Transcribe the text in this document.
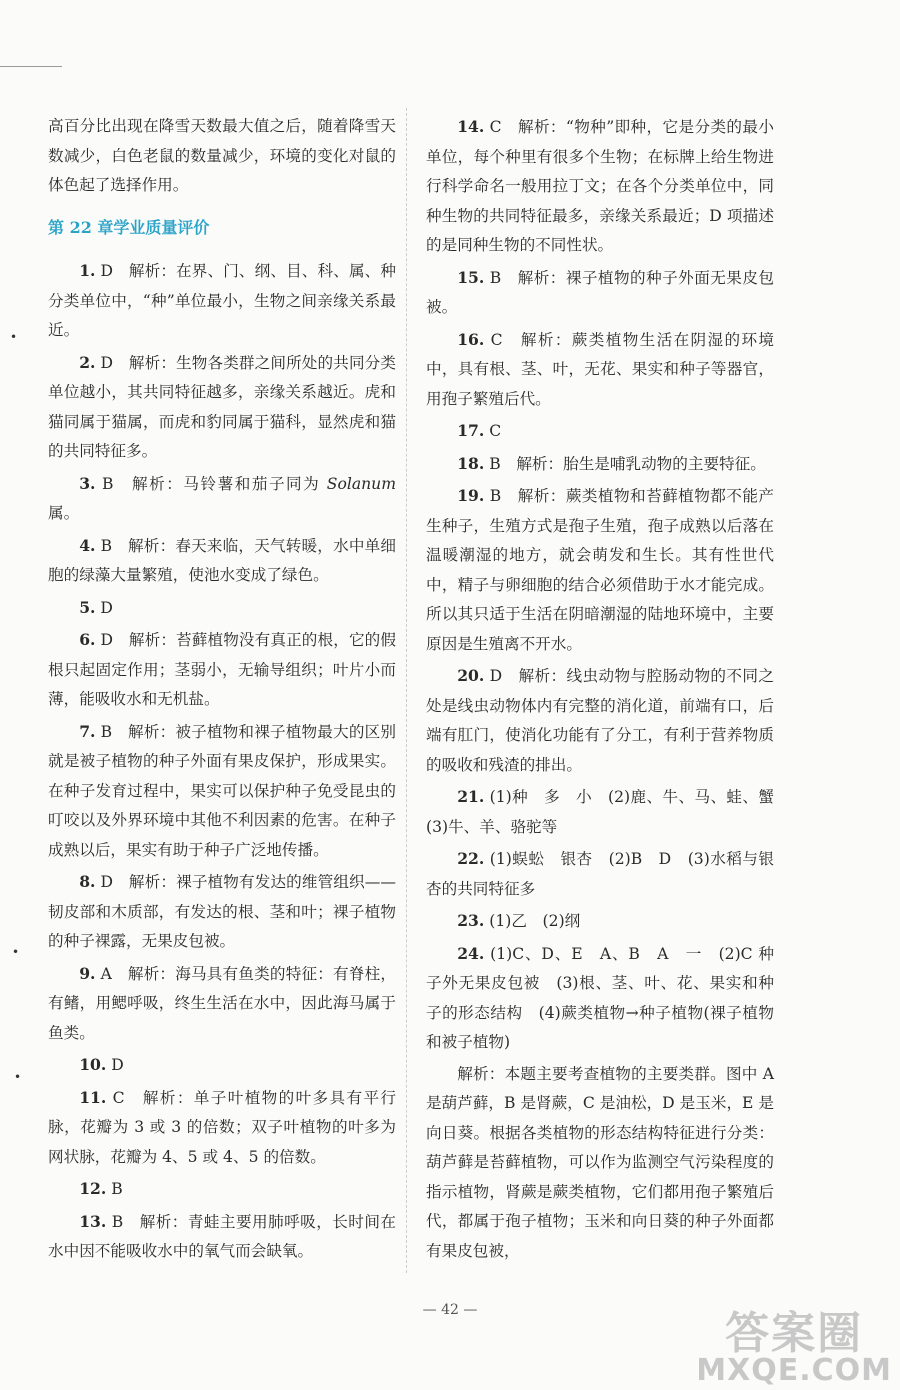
高百分比出现在降雪天数最大值之后，随着降雪天数减少，白色老鼠的数量减少，环境的变化对鼠的体色起了选择作用。

第 22 章学业质量评价

1. D　解析：在界、门、纲、目、科、属、种分类单位中，“种”单位最小，生物之间亲缘关系最近。

2. D　解析：生物各类群之间所处的共同分类单位越小，其共同特征越多，亲缘关系越近。虎和猫同属于猫属，而虎和豹同属于猫科，显然虎和猫的共同特征多。

3. B　解析：马铃薯和茄子同为 Solanum 属。

4. B　解析：春天来临，天气转暖，水中单细胞的绿藻大量繁殖，使池水变成了绿色。

5. D

6. D　解析：苔藓植物没有真正的根，它的假根只起固定作用；茎弱小，无输导组织；叶片小而薄，能吸收水和无机盐。

7. B　解析：被子植物和裸子植物最大的区别就是被子植物的种子外面有果皮保护，形成果实。在种子发育过程中，果实可以保护种子免受昆虫的叮咬以及外界环境中其他不利因素的危害。在种子成熟以后，果实有助于种子广泛地传播。

8. D　解析：裸子植物有发达的维管组织——韧皮部和木质部，有发达的根、茎和叶；裸子植物的种子裸露，无果皮包被。

9. A　解析：海马具有鱼类的特征：有脊柱，有鳍，用鳃呼吸，终生生活在水中，因此海马属于鱼类。

10. D

11. C　解析：单子叶植物的叶多具有平行脉，花瓣为 3 或 3 的倍数；双子叶植物的叶多为网状脉，花瓣为 4、5 或 4、5 的倍数。

12. B

13. B　解析：青蛙主要用肺呼吸，长时间在水中因不能吸收水中的氧气而会缺氧。

14. C　解析：“物种”即种，它是分类的最小单位，每个种里有很多个生物；在标牌上给生物进行科学命名一般用拉丁文；在各个分类单位中，同种生物的共同特征最多，亲缘关系最近；D 项描述的是同种生物的不同性状。

15. B　解析：裸子植物的种子外面无果皮包被。

16. C　解析：蕨类植物生活在阴湿的环境中，具有根、茎、叶，无花、果实和种子等器官，用孢子繁殖后代。

17. C

18. B　解析：胎生是哺乳动物的主要特征。

19. B　解析：蕨类植物和苔藓植物都不能产生种子，生殖方式是孢子生殖，孢子成熟以后落在温暖潮湿的地方，就会萌发和生长。其有性世代中，精子与卵细胞的结合必须借助于水才能完成。所以其只适于生活在阴暗潮湿的陆地环境中，主要原因是生殖离不开水。

20. D　解析：线虫动物与腔肠动物的不同之处是线虫动物体内有完整的消化道，前端有口，后端有肛门，使消化功能有了分工，有利于营养物质的吸收和残渣的排出。

21. (1)种　多　小　(2)鹿、牛、马、蛙、蟹　(3)牛、羊、骆驼等

22. (1)蜈蚣　银杏　(2)B　D　(3)水稻与银杏的共同特征多

23. (1)乙　(2)纲

24. (1)C、D、E　A、B　A　一　(2)C 种子外无果皮包被　(3)根、茎、叶、花、果实和种子的形态结构　(4)蕨类植物→种子植物(裸子植物和被子植物)

解析：本题主要考查植物的主要类群。图中 A 是葫芦藓，B 是肾蕨，C 是油松，D 是玉米，E 是向日葵。根据各类植物的形态结构特征进行分类：葫芦藓是苔藓植物，可以作为监测空气污染程度的指示植物，肾蕨是蕨类植物，它们都用孢子繁殖后代，都属于孢子植物；玉米和向日葵的种子外面都有果皮包被，

— 42 —
•
•
•
答案圈
MXQE.COM
